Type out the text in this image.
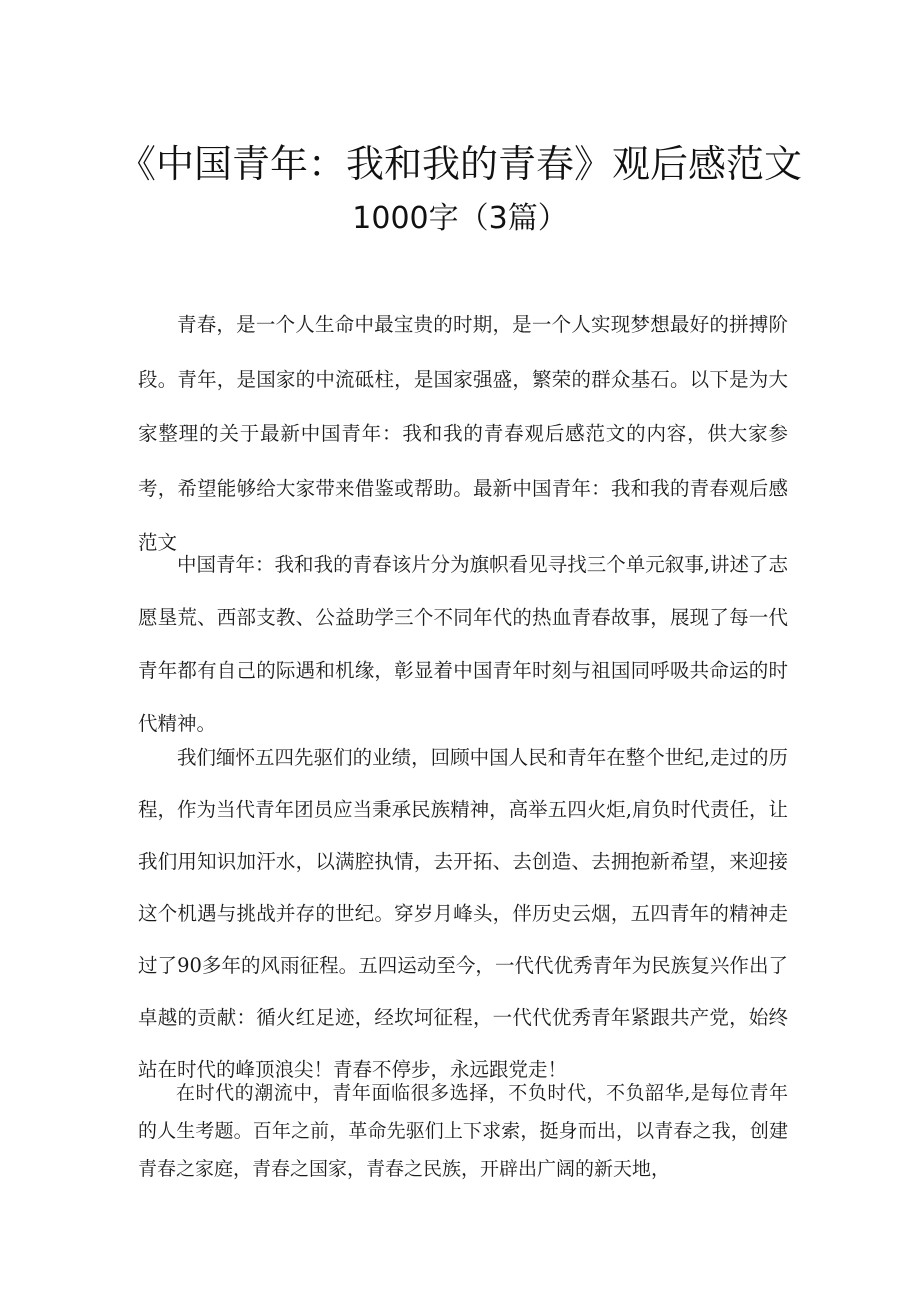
《中国青年：我和我的青春》观后感范文
1000字（3篇）

青春，是一个人生命中最宝贵的时期，是一个人实现梦想最好的拼搏阶段。青年，是国家的中流砥柱，是国家强盛，繁荣的群众基石。以下是为大家整理的关于最新中国青年：我和我的青春观后感范文的内容，供大家参考，希望能够给大家带来借鉴或帮助。最新中国青年：我和我的青春观后感范文

中国青年：我和我的青春该片分为旗帜看见寻找三个单元叙事,讲述了志愿垦荒、西部支教、公益助学三个不同年代的热血青春故事，展现了每一代青年都有自己的际遇和机缘，彰显着中国青年时刻与祖国同呼吸共命运的时代精神。

我们缅怀五四先驱们的业绩，回顾中国人民和青年在整个世纪,走过的历程，作为当代青年团员应当秉承民族精神，高举五四火炬,肩负时代责任，让我们用知识加汗水，以满腔执情，去开拓、去创造、去拥抱新希望，来迎接这个机遇与挑战并存的世纪。穿岁月峰头，伴历史云烟，五四青年的精神走过了90多年的风雨征程。五四运动至今，一代代优秀青年为民族复兴作出了卓越的贡献：循火红足迹，经坎坷征程，一代代优秀青年紧跟共产党，始终站在时代的峰顶浪尖！青春不停步，永远跟党走！

在时代的潮流中，青年面临很多选择，不负时代，不负韶华,是每位青年的人生考题。百年之前，革命先驱们上下求索，挺身而出，以青春之我，创建青春之家庭，青春之国家，青春之民族，开辟出广阔的新天地，
